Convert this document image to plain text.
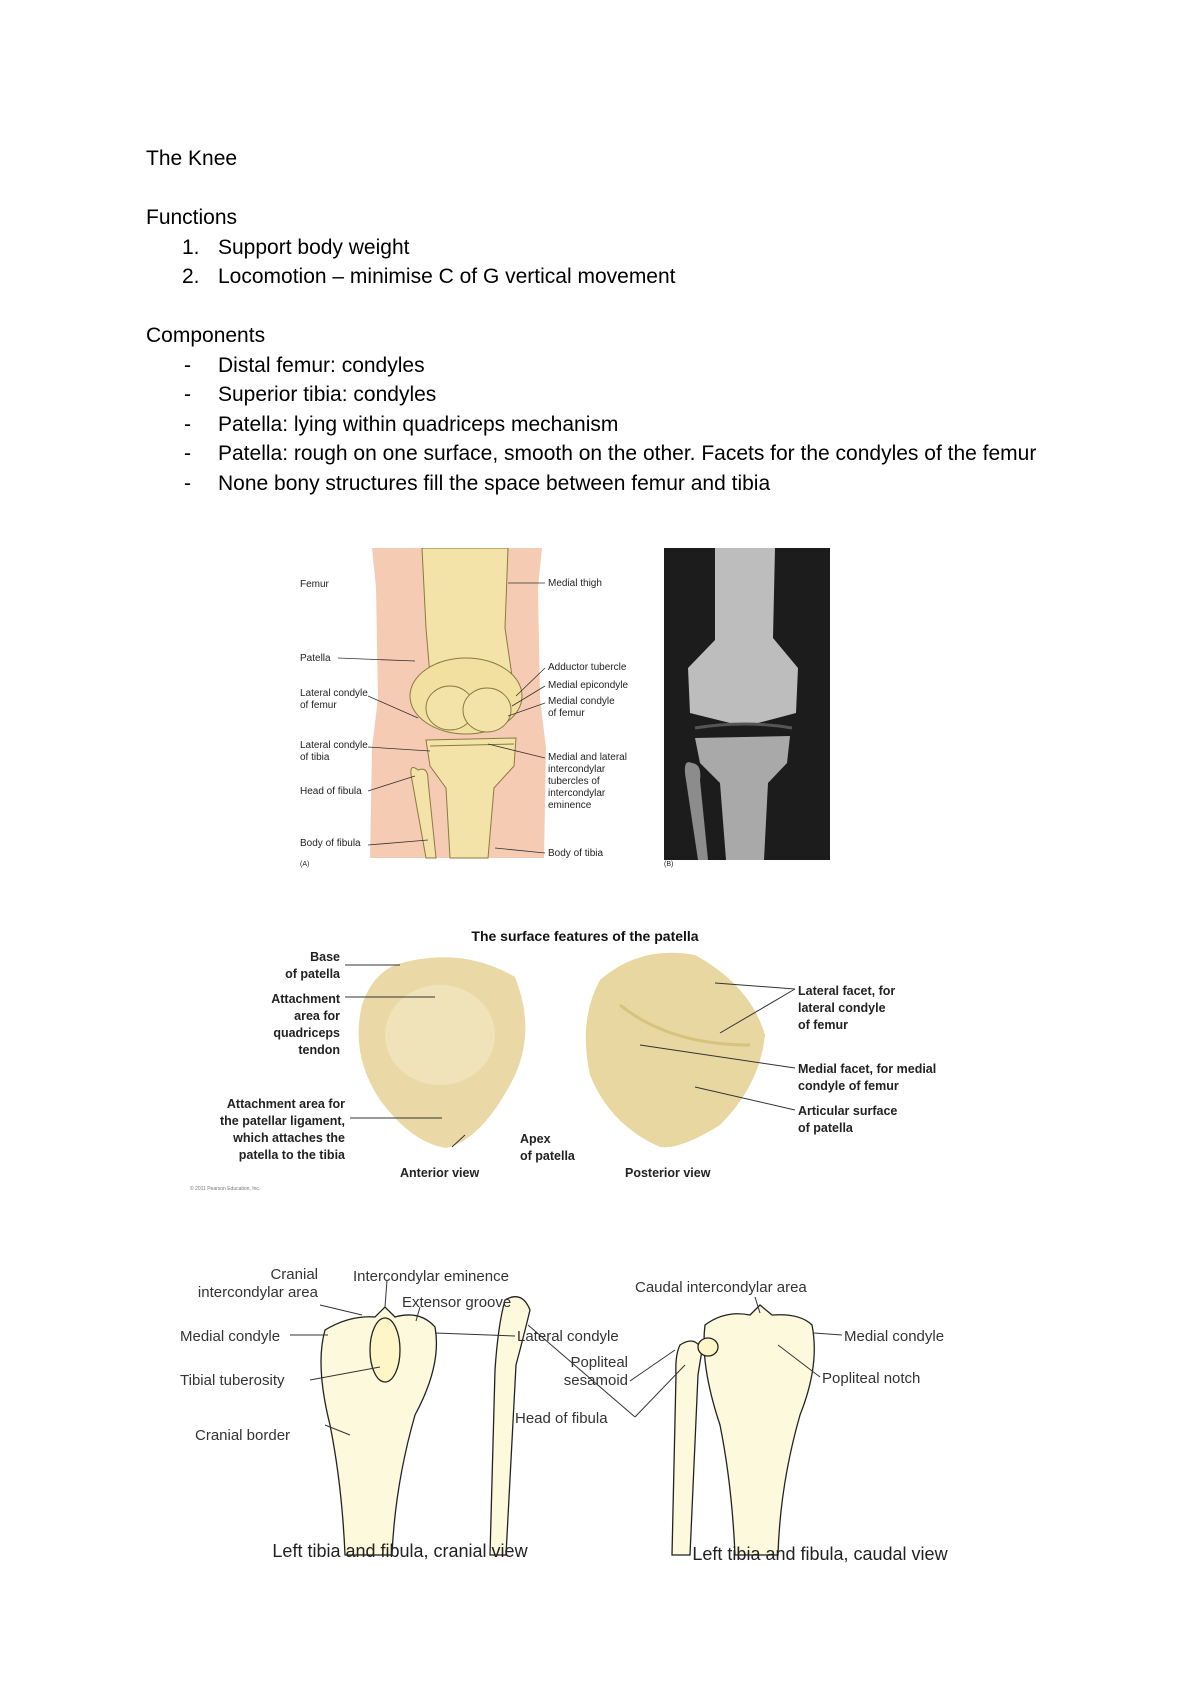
The Knee

Functions

1. Support body weight
2. Locomotion – minimise C of G vertical movement

Components

- Distal femur: condyles
- Superior tibia: condyles
- Patella: lying within quadriceps mechanism
- Patella: rough on one surface, smooth on the other. Facets for the condyles of the femur
- None bony structures fill the space between femur and tibia
Femur
Patella
Lateral condyle
of femur
Lateral condyle
of tibia
Head of fibula
Body of fibula
(A)
Medial thigh
Adductor tubercle
Medial epicondyle
Medial condyle
of femur
Medial and lateral
intercondylar
tubercles of
intercondylar
eminence
Body of tibia
(B)
The surface features of the patella
Base
of patella
Attachment
area for
quadriceps
tendon
Attachment area for
the patellar ligament,
which attaches the
patella to the tibia
Apex
of patella
Anterior view	Posterior view
Lateral facet, for
lateral condyle
of femur
Medial facet, for medial
condyle of femur
Articular surface
of patella
© 2011 Pearson Education, Inc.
Cranial
intercondylar area
Intercondylar eminence
Extensor groove
Medial condyle	Lateral condyle
Tibial tuberosity
Cranial border
Popliteal
sesamoid
Head of fibula
Caudal intercondylar area
Medial condyle
Popliteal notch
Left tibia and fibula, cranial view	Left tibia and fibula, caudal view
